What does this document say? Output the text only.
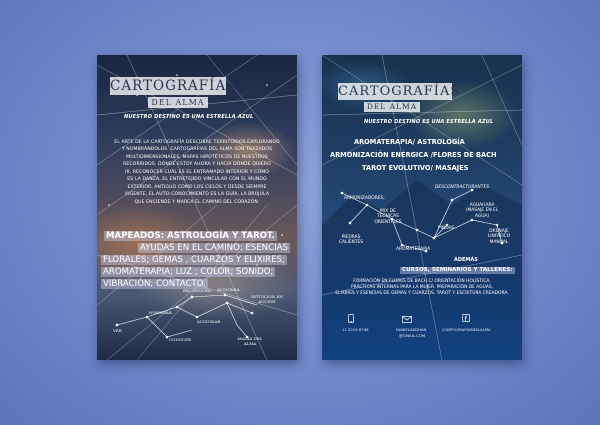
CARTOGRAFÍAS
DEL ALMA
NUESTRO DESTINO ES UNA ESTRELLA AZUL
EL ARTE DE LA CARTOGRAFÍA DESCUBRE TERRITORIOS EXPLORANDO
Y NOMBRÁNDOLOS. CARTOGRAFÍAS DEL ALMA SON TRAZADOS
MULTIDIMENSIONALES, MAPAS HIPOTÉTICOS DE NUESTROS
RECORRIDOS. DÓNDE ESTOY AHORA Y HACIA DÓNDE QUIERO
IR. RECONOCER CUÁL ES EL ENTRAMADO INTERIOR Y CÓMO
ES LA DANZA, EL ENTRETEJIDO VINCULAR CON EL MUNDO
EXTERIOR. ANTIGUO COMO LOS CIELOS Y DESDE SIEMPRE
VIGENTE, EL AUTO-CONOCIMIENTO ES LA GUÍA, LA BRÚJULA
QUE ENCIENDE Y MARCA EL CAMINO DEL CORAZÓN.
MAPEADOS: ASTROLOGÍA Y TAROT.
AYUDAS EN EL CAMINO: ESENCIAS
FLORALES; GEMAS , CUARZOS Y ELIXIRES;
AROMATERAPIA; LUZ ; COLOR; SONIDO;
VIBRACIÓN; CONTACTO.
RECONOCER ALQUIMIA
INTUICION EN ACCION
NOMBRAR
ACCIONAR
VER
CONOCER	MAGIA DEL ALMA
CARTOGRAFÍAS
DEL ALMA
NUESTRO DESTINO ES UNA ESTRELLA AZUL
AROMATERAPIA/ ASTROLOGÍA
ARMONIZACIÓN ENÉRGICA /FLORES DE BACH
TAROT EVOLUTIVO/ MASAJES
DESCONTRACTURANTES
ARMONIZADORES,
AGUAHARA (MASAJE EN EL AGUA)
MIX DE TÉCNICAS ORIENTALES
PINDAS
DRENAJE LINFÁTICO MANUAL
PIEDRAS CALIENTES
AROMATERAPIA
ADEMÁS
CURSOS, SEMINARIOS Y TALLERES:
FORMACIÓN EN FLORES DE BACH C/ ORIENTACIÓN HOLÍSTICA.
PRÁCTICAS INTERNAS PARA LA MUJER. PREPARACIÓN DE AGUAS,
ELIXIRES Y ESENCIAS DE GEMAS Y CUARZOS. TAROT Y ESCRITURA CREADORA.
11 5229 8746	DANIELAKDHAN
@GMAIL.COM
/CARTOGRAFÍASDELALMA
